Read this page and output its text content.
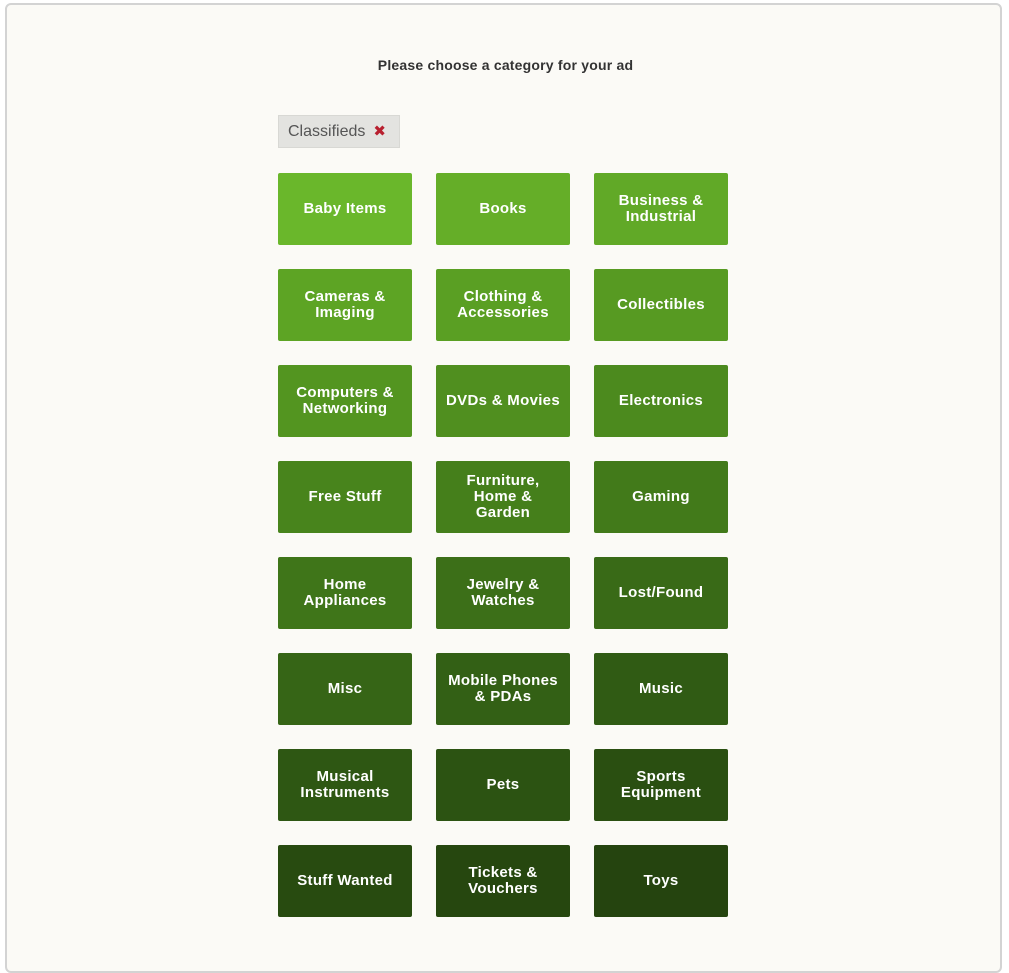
Please choose a category for your ad
Classifieds ✖
Baby Items	Books	Business &
Industrial
Cameras &
Imaging
Clothing &
Accessories	Collectibles
Computers &
Networking	DVDs & Movies	Electronics
Free Stuff
Furniture,
Home &
Garden
Gaming
Home
Appliances
Jewelry &
Watches	Lost/Found
Misc	Mobile Phones
& PDAs	Music
Musical
Instruments	Pets	Sports
Equipment
Stuff Wanted	Tickets &
Vouchers	Toys
